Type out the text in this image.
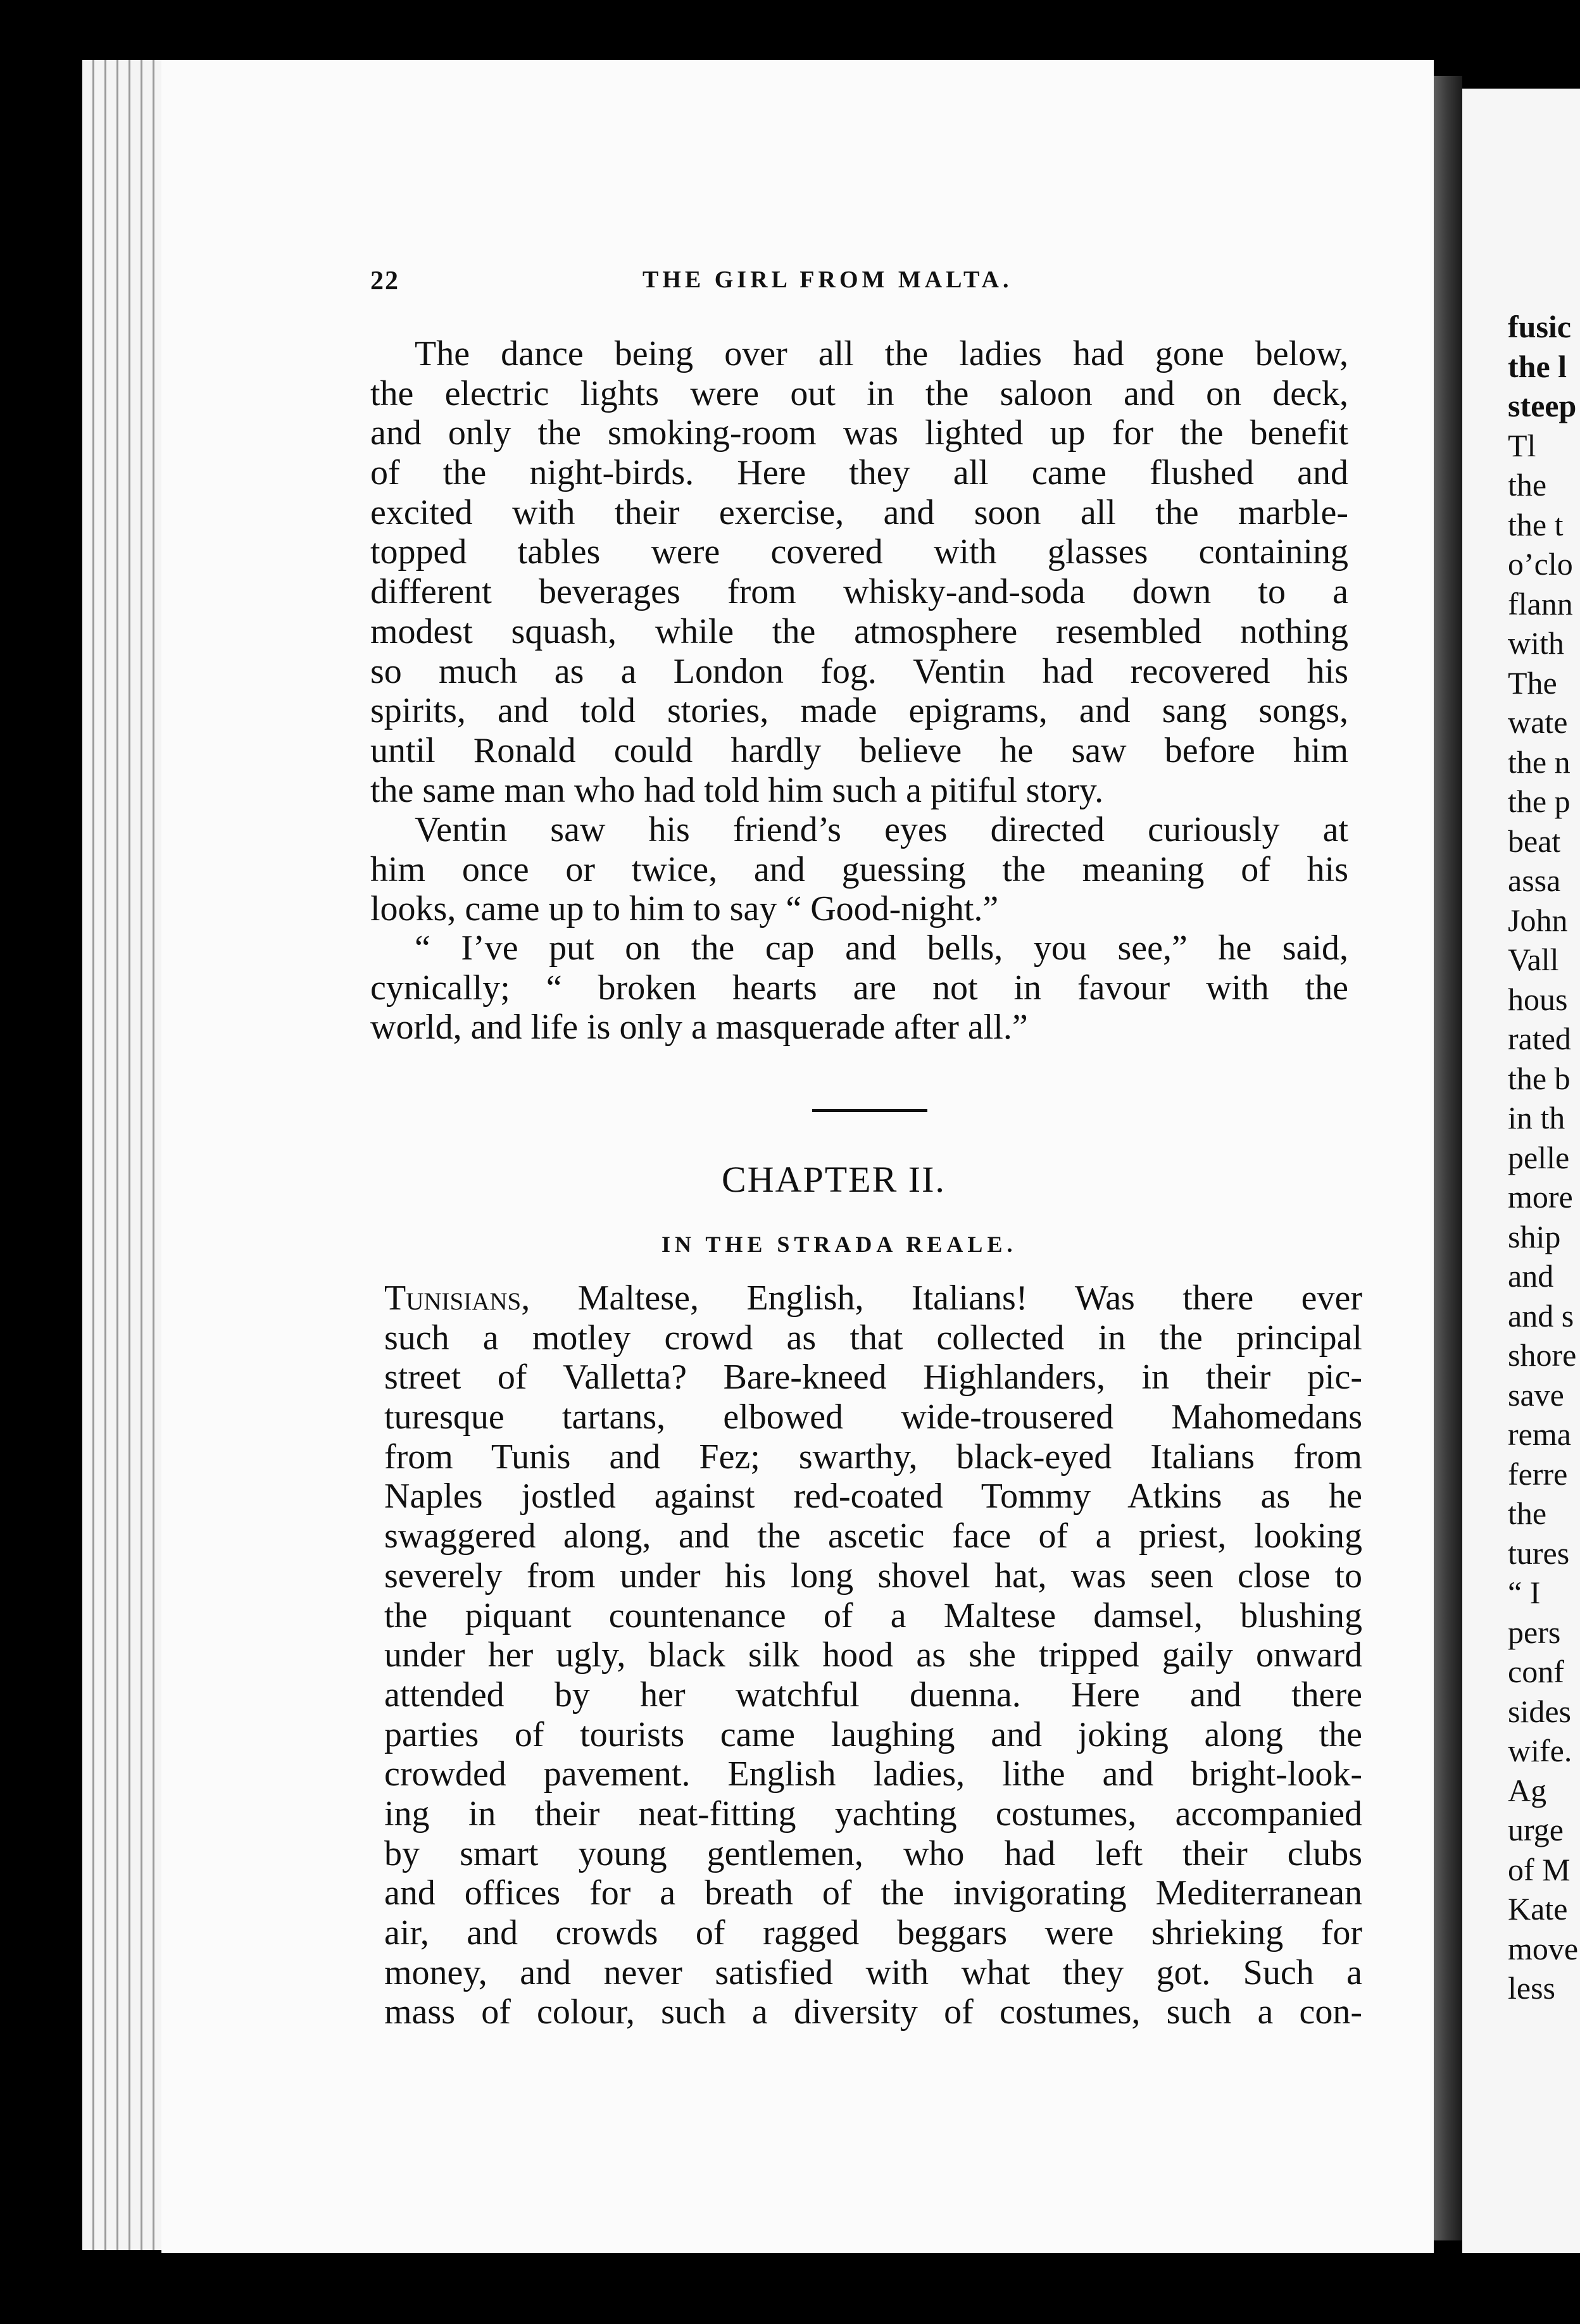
fusic
the l
steep
Tl
the
the t
o’clo
flann
with
The
wate
the n
the p
beat
assa
John
Vall
hous
rated
the b
in th
pelle
more
ship
and
and s
shore
save
rema
ferre
the
tures
“ I
pers
conf
sides
wife.
Ag
urge
of M
Kate
move
less
22	THE GIRL FROM MALTA.
The dance being over all the ladies had gone below,
the electric lights were out in the saloon and on deck,
and only the smoking-room was lighted up for the benefit
of the night-birds. Here they all came flushed and
excited with their exercise, and soon all the marble-
topped tables were covered with glasses containing
different beverages from whisky-and-soda down to a
modest squash, while the atmosphere resembled nothing
so much as a London fog. Ventin had recovered his
spirits, and told stories, made epigrams, and sang songs,
until Ronald could hardly believe he saw before him
the same man who had told him such a pitiful story.
Ventin saw his friend’s eyes directed curiously at
him once or twice, and guessing the meaning of his
looks, came up to him to say “ Good-night.”
“ I’ve put on the cap and bells, you see,” he said,
cynically; “ broken hearts are not in favour with the
world, and life is only a masquerade after all.”
CHAPTER II.
IN THE STRADA REALE.
Tunisians, Maltese, English, Italians! Was there ever
such a motley crowd as that collected in the principal
street of Valletta? Bare-kneed Highlanders, in their pic-
turesque tartans, elbowed wide-trousered Mahomedans
from Tunis and Fez; swarthy, black-eyed Italians from
Naples jostled against red-coated Tommy Atkins as he
swaggered along, and the ascetic face of a priest, looking
severely from under his long shovel hat, was seen close to
the piquant countenance of a Maltese damsel, blushing
under her ugly, black silk hood as she tripped gaily onward
attended by her watchful duenna. Here and there
parties of tourists came laughing and joking along the
crowded pavement. English ladies, lithe and bright-look-
ing in their neat-fitting yachting costumes, accompanied
by smart young gentlemen, who had left their clubs
and offices for a breath of the invigorating Mediterranean
air, and crowds of ragged beggars were shrieking for
money, and never satisfied with what they got. Such a
mass of colour, such a diversity of costumes, such a con-
